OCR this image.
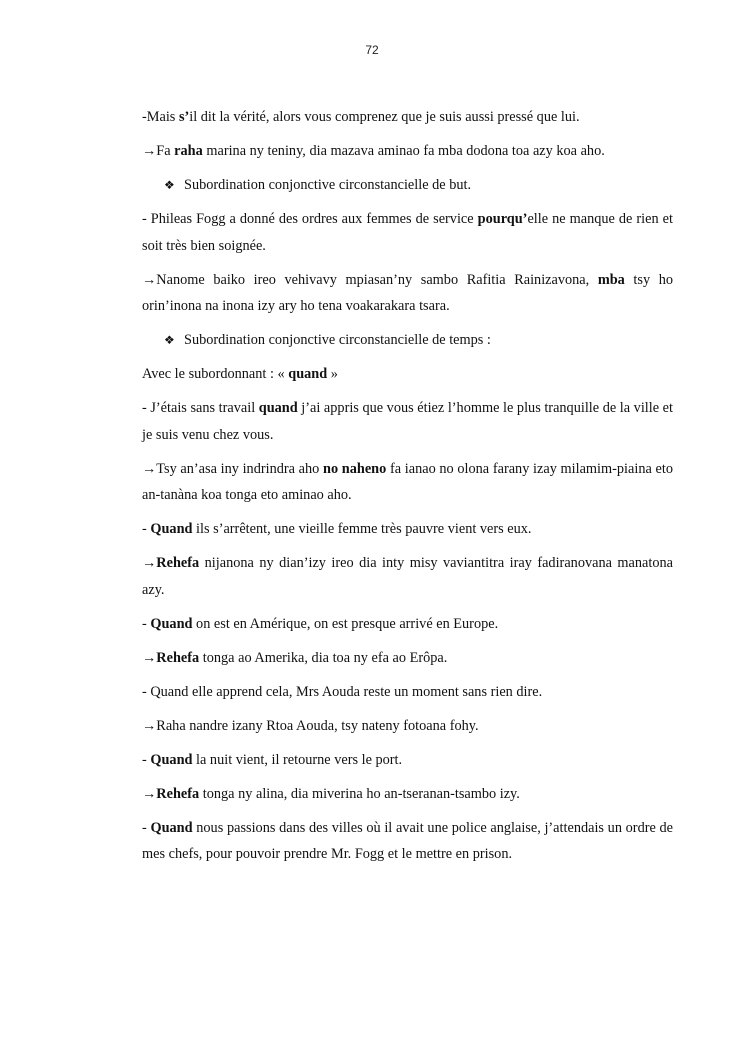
72

-Mais s’il dit la vérité, alors vous comprenez que je suis aussi pressé que lui.

→Fa raha marina ny teniny, dia mazava aminao fa mba dodona toa azy koa aho.

❖ Subordination conjonctive circonstancielle de but.

- Phileas Fogg a donné des ordres aux femmes de service pourqu’elle ne manque de rien et soit très bien soignée.

→Nanome baiko ireo vehivavy mpiasan’ny sambo Rafitia Rainizavona, mba tsy ho orin’inona na inona izy ary ho tena voakarakara tsara.

❖ Subordination conjonctive circonstancielle de temps :

Avec le subordonnant : « quand »

- J’étais sans travail quand j’ai appris que vous étiez l’homme le plus tranquille de la ville et je suis venu chez vous.

→Tsy an’asa iny indrindra aho no naheno fa ianao no olona farany izay milamim-piaina eto an-tanàna koa tonga eto aminao aho.

- Quand ils s’arrêtent, une vieille femme très pauvre vient vers eux.

→Rehefa nijanona ny dian’izy ireo dia inty misy vaviantitra iray fadiranovana manatona azy.

- Quand on est en Amérique, on est presque arrivé en Europe.

→Rehefa tonga ao Amerika, dia toa ny efa ao Erôpa.

- Quand elle apprend cela, Mrs Aouda reste un moment sans rien dire.

→Raha nandre izany Rtoa Aouda, tsy nateny fotoana fohy.

- Quand la nuit vient, il retourne vers le port.

→Rehefa tonga ny alina, dia miverina ho an-tseranan-tsambo izy.

- Quand nous passions dans des villes où il avait une police anglaise, j’attendais un ordre de mes chefs, pour pouvoir prendre Mr. Fogg et le mettre en prison.
